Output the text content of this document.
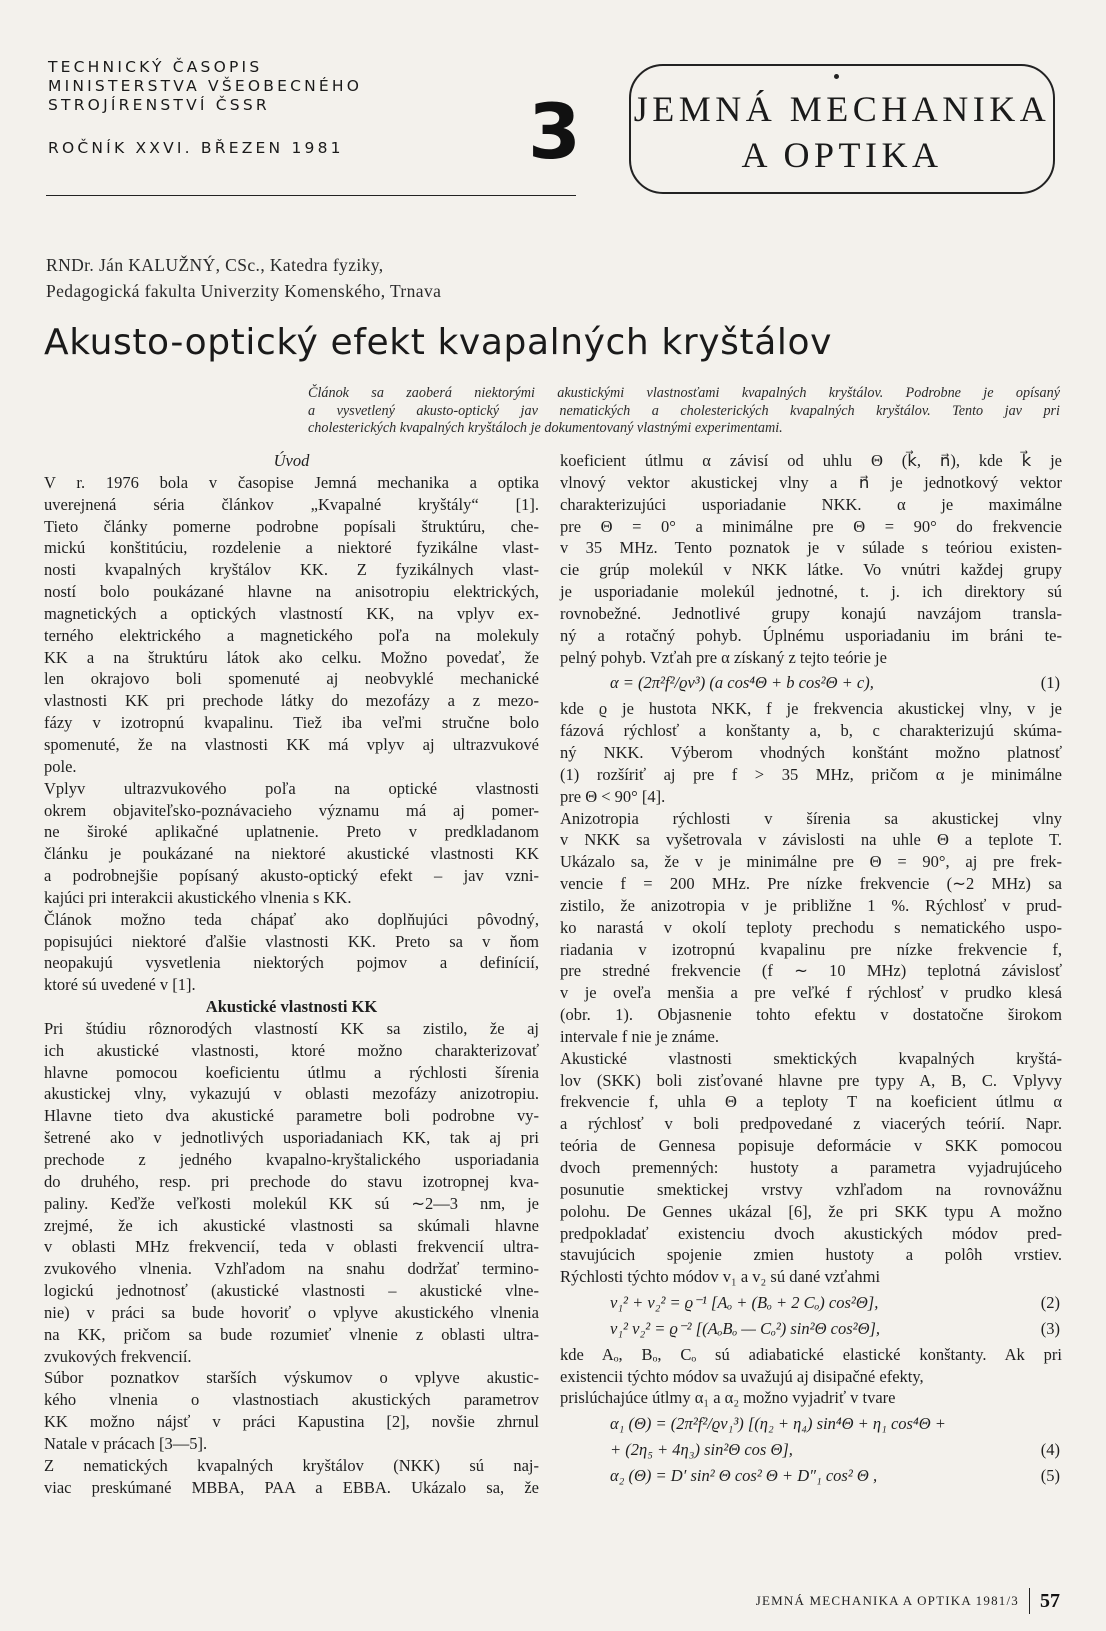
TECHNICKÝ ČASOPIS
MINISTERSTVA VŠEOBECNÉHO
STROJÍRENSTVÍ ČSSR
ROČNÍK XXVI. BŘEZEN 1981 3 JEMNÁ MECHANIKA
A OPTIKA
RNDr. Ján KALUŽNÝ, CSc., Katedra fyziky,
Pedagogická fakulta Univerzity Komenského, Trnava
Akusto-optický efekt kvapalných kryštálov
Článok sa zaoberá niektorými akustickými vlastnosťami kvapalných kryštálov. Podrobne je opísaný
a vysvetlený akusto-optický jav nematických a cholesterických kvapalných kryštálov. Tento jav pri
cholesterických kvapalných kryštáloch je dokumentovaný vlastnými experimentami.
Úvod
V r. 1976 bola v časopise Jemná mechanika a optika
uverejnená séria článkov „Kvapalné kryštály“ [1].
Tieto články pomerne podrobne popísali štruktúru, che-
mickú konštitúciu, rozdelenie a niektoré fyzikálne vlast-
nosti kvapalných kryštálov KK. Z fyzikálnych vlast-
ností bolo poukázané hlavne na anisotropiu elektrických,
magnetických a optických vlastností KK, na vplyv ex-
terného elektrického a magnetického poľa na molekuly
KK a na štruktúru látok ako celku. Možno povedať, že
len okrajovo boli spomenuté aj neobvyklé mechanické
vlastnosti KK pri prechode látky do mezofázy a z mezo-
fázy v izotropnú kvapalinu. Tiež iba veľmi stručne bolo
spomenuté, že na vlastnosti KK má vplyv aj ultrazvukové
pole.
Vplyv ultrazvukového poľa na optické vlastnosti
okrem objaviteľsko-poznávacieho významu má aj pomer-
ne široké aplikačné uplatnenie. Preto v predkladanom
článku je poukázané na niektoré akustické vlastnosti KK
a podrobnejšie popísaný akusto-optický efekt – jav vzni-
kajúci pri interakcii akustického vlnenia s KK.
Článok možno teda chápať ako doplňujúci pôvodný,
popisujúci niektoré ďalšie vlastnosti KK. Preto sa v ňom
neopakujú vysvetlenia niektorých pojmov a definícií,
ktoré sú uvedené v [1].
Akustické vlastnosti KK
Pri štúdiu rôznorodých vlastností KK sa zistilo, že aj
ich akustické vlastnosti, ktoré možno charakterizovať
hlavne pomocou koeficientu útlmu a rýchlosti šírenia
akustickej vlny, vykazujú v oblasti mezofázy anizotropiu.
Hlavne tieto dva akustické parametre boli podrobne vy-
šetrené ako v jednotlivých usporiadaniach KK, tak aj pri
prechode z jedného kvapalno-kryštalického usporiadania
do druhého, resp. pri prechode do stavu izotropnej kva-
paliny. Keďže veľkosti molekúl KK sú ∼2—3 nm, je
zrejmé, že ich akustické vlastnosti sa skúmali hlavne
v oblasti MHz frekvencií, teda v oblasti frekvencií ultra-
zvukového vlnenia. Vzhľadom na snahu dodržať termino-
logickú jednotnosť (akustické vlastnosti – akustické vlne-
nie) v práci sa bude hovoriť o vplyve akustického vlnenia
na KK, pričom sa bude rozumieť vlnenie z oblasti ultra-
zvukových frekvencií.
Súbor poznatkov starších výskumov o vplyve akustic-
kého vlnenia o vlastnostiach akustických parametrov
KK možno nájsť v práci Kapustina [2], novšie zhrnul
Natale v prácach [3—5].
Z nematických kvapalných kryštálov (NKK) sú naj-
viac preskúmané MBBA, PAA a EBBA. Ukázalo sa, že
koeficient útlmu α závisí od uhlu Θ (k⃗, n⃗), kde k⃗ je
vlnový vektor akustickej vlny a n⃗ je jednotkový vektor
charakterizujúci usporiadanie NKK. α je maximálne
pre Θ = 0° a minimálne pre Θ = 90° do frekvencie
v 35 MHz. Tento poznatok je v súlade s teóriou existen-
cie grúp molekúl v NKK látke. Vo vnútri každej grupy
je usporiadanie molekúl jednotné, t. j. ich direktory sú
rovnobežné. Jednotlivé grupy konajú navzájom transla-
ný a rotačný pohyb. Úplnému usporiadaniu im bráni te-
pelný pohyb. Vzťah pre α získaný z tejto teórie je
α = (2π²f²/ϱv³) (a cos⁴Θ + b cos²Θ + c),	(1)
kde ϱ je hustota NKK, f je frekvencia akustickej vlny, v je
fázová rýchlosť a konštanty a, b, c charakterizujú skúma-
ný NKK. Výberom vhodných konštánt možno platnosť
(1) rozšíriť aj pre f > 35 MHz, pričom α je minimálne
pre Θ < 90° [4].
Anizotropia rýchlosti v šírenia sa akustickej vlny
v NKK sa vyšetrovala v závislosti na uhle Θ a teplote T.
Ukázalo sa, že v je minimálne pre Θ = 90°, aj pre frek-
vencie f = 200 MHz. Pre nízke frekvencie (∼2 MHz) sa
zistilo, že anizotropia v je približne 1 %. Rýchlosť v prud-
ko narastá v okolí teploty prechodu s nematického uspo-
riadania v izotropnú kvapalinu pre nízke frekvencie f,
pre stredné frekvencie (f ∼ 10 MHz) teplotná závislosť
v je oveľa menšia a pre veľké f rýchlosť v prudko klesá
(obr. 1). Objasnenie tohto efektu v dostatočne širokom
intervale f nie je známe.
Akustické vlastnosti smektických kvapalných kryštá-
lov (SKK) boli zisťované hlavne pre typy A, B, C. Vplyvy
frekvencie f, uhla Θ a teploty T na koeficient útlmu α
a rýchlosť v boli predpovedané z viacerých teórií. Napr.
teória de Gennesa popisuje deformácie v SKK pomocou
dvoch premenných: hustoty a parametra vyjadrujúceho
posunutie smektickej vrstvy vzhľadom na rovnovážnu
polohu. De Gennes ukázal [6], že pri SKK typu A možno
predpokladať existenciu dvoch akustických módov pred-
stavujúcich spojenie zmien hustoty a polôh vrstiev.
Rýchlosti týchto módov v₁ a v₂ sú dané vzťahmi
v₁² + v₂² = ϱ⁻¹ [Aₒ + (Bₒ + 2 Cₒ) cos²Θ],	(2)
v₁² v₂² = ϱ⁻² [(AₒBₒ — Cₒ²) sin²Θ cos²Θ],	(3)
kde Aₒ, Bₒ, Cₒ sú adiabatické elastické konštanty. Ak pri
existencii týchto módov sa uvažujú aj disipačné efekty,
prislúchajúce útlmy α₁ a α₂ možno vyjadriť v tvare
α₁ (Θ) = (2π²f²/ϱv₁³) [(η₂ + η₄) sin⁴Θ + η₁ cos⁴Θ +
+ (2η₅ + 4η₃) sin²Θ cos Θ],	(4)
α₂ (Θ) = D′ sin² Θ cos² Θ + D″₁ cos² Θ ,	(5)
JEMNÁ MECHANIKA A OPTIKA 1981/3 57
